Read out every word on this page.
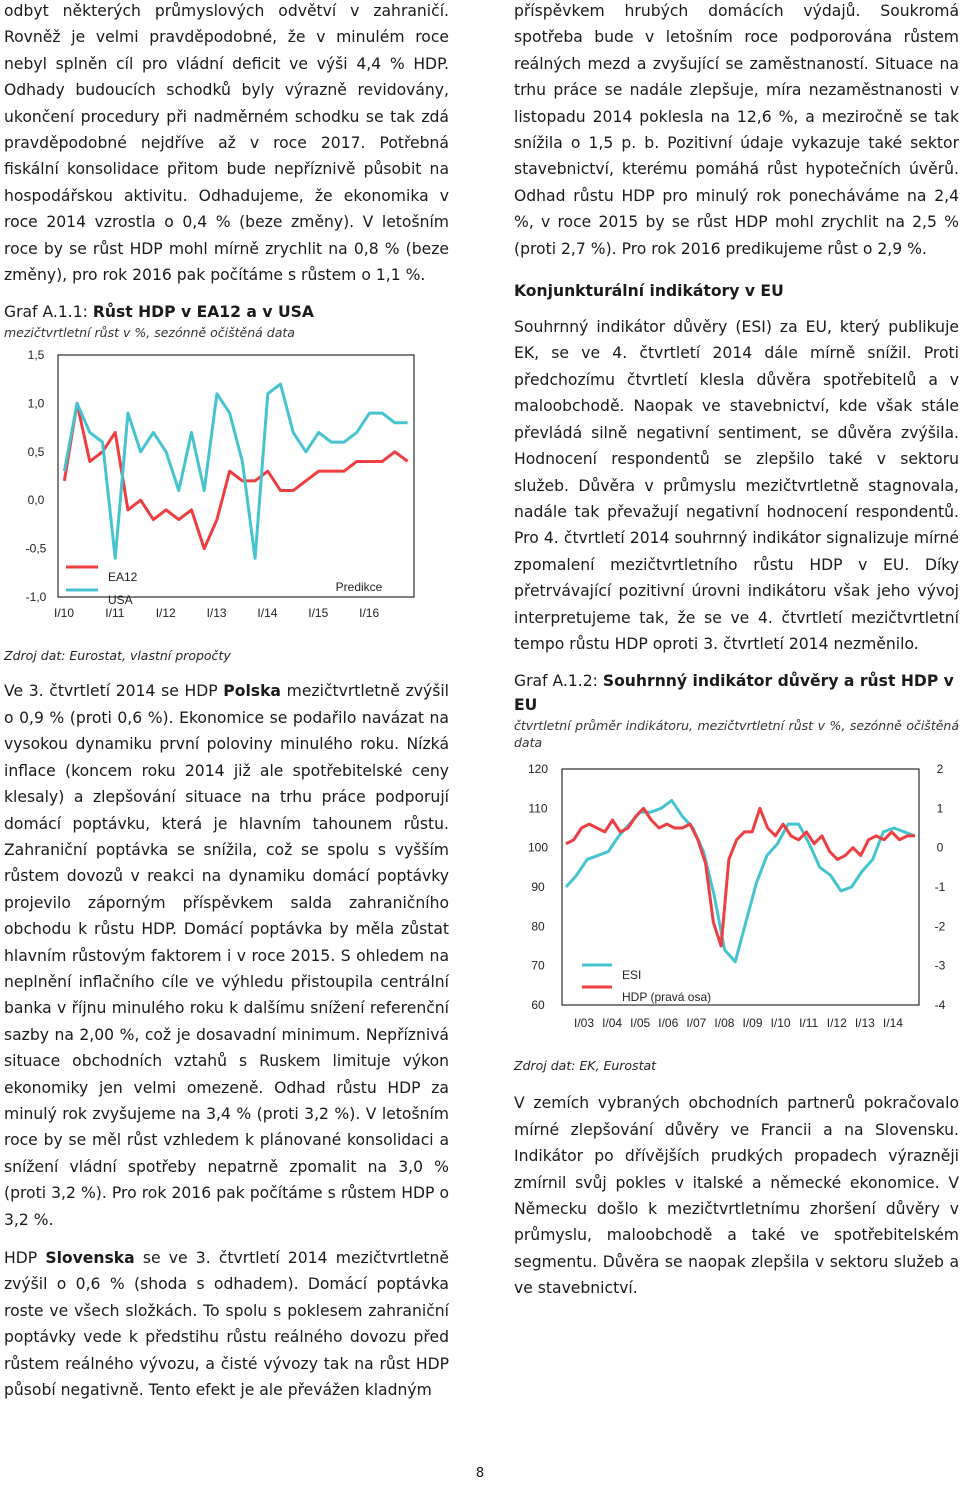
odbyt některých průmyslových odvětví v zahraničí. Rovněž je velmi pravděpodobné, že v minulém roce nebyl splněn cíl pro vládní deficit ve výši 4,4 % HDP. Odhady budoucích schodků byly výrazně revidovány, ukončení procedury při nadměrném schodku se tak zdá pravděpodobné nejdříve až v roce 2017. Potřebná fiskální konsolidace přitom bude nepříznivě působit na hospodářskou aktivitu. Odhadujeme, že ekonomika v roce 2014 vzrostla o 0,4 % (beze změny). V letošním roce by se růst HDP mohl mírně zrychlit na 0,8 % (beze změny), pro rok 2016 pak počítáme s růstem o 1,1 %.

Graf A.1.1: Růst HDP v EA12 a v USA

mezičtvrtletní růst v %, sezónně očištěná data

1,5
1,0
0,5
0,0
-0,5
-1,0
I/10	I/11	I/12	I/13	I/14	I/15	I/16
EA12
USA
Predikce

Zdroj dat: Eurostat, vlastní propočty

Ve 3. čtvrtletí 2014 se HDP Polska mezičtvrtletně zvýšil o 0,9 % (proti 0,6 %). Ekonomice se podařilo navázat na vysokou dynamiku první poloviny minulého roku. Nízká inflace (koncem roku 2014 již ale spotřebitelské ceny klesaly) a zlepšování situace na trhu práce podporují domácí poptávku, která je hlavním tahounem růstu. Zahraniční poptávka se snížila, což se spolu s vyšším růstem dovozů v reakci na dynamiku domácí poptávky projevilo záporným příspěvkem salda zahraničního obchodu k růstu HDP. Domácí poptávka by měla zůstat hlavním růstovým faktorem i v roce 2015. S ohledem na neplnění inflačního cíle ve výhledu přistoupila centrální banka v říjnu minulého roku k dalšímu snížení referenční sazby na 2,00 %, což je dosavadní minimum. Nepříznivá situace obchodních vztahů s Ruskem limituje výkon ekonomiky jen velmi omezeně. Odhad růstu HDP za minulý rok zvyšujeme na 3,4 % (proti 3,2 %). V letošním roce by se měl růst vzhledem k plánované konsolidaci a snížení vládní spotřeby nepatrně zpomalit na 3,0 % (proti 3,2 %). Pro rok 2016 pak počítáme s růstem HDP o 3,2 %.

HDP Slovenska se ve 3. čtvrtletí 2014 mezičtvrtletně zvýšil o 0,6 % (shoda s odhadem). Domácí poptávka roste ve všech složkách. To spolu s poklesem zahraniční poptávky vede k předstihu růstu reálného dovozu před růstem reálného vývozu, a čisté vývozy tak na růst HDP působí negativně. Tento efekt je ale převážen kladným

příspěvkem hrubých domácích výdajů. Soukromá spotřeba bude v letošním roce podporována růstem reálných mezd a zvyšující se zaměstnaností. Situace na trhu práce se nadále zlepšuje, míra nezaměstnanosti v listopadu 2014 poklesla na 12,6 %, a meziročně se tak snížila o 1,5 p. b. Pozitivní údaje vykazuje také sektor stavebnictví, kterému pomáhá růst hypotečních úvěrů. Odhad růstu HDP pro minulý rok ponecháváme na 2,4 %, v roce 2015 by se růst HDP mohl zrychlit na 2,5 % (proti 2,7 %). Pro rok 2016 predikujeme růst o 2,9 %.

Konjunkturální indikátory v EU

Souhrnný indikátor důvěry (ESI) za EU, který publikuje EK, se ve 4. čtvrtletí 2014 dále mírně snížil. Proti předchozímu čtvrtletí klesla důvěra spotřebitelů a v maloobchodě. Naopak ve stavebnictví, kde však stále převládá silně negativní sentiment, se důvěra zvýšila. Hodnocení respondentů se zlepšilo také v sektoru služeb. Důvěra v průmyslu mezičtvrtletně stagnovala, nadále tak převažují negativní hodnocení respondentů. Pro 4. čtvrtletí 2014 souhrnný indikátor signalizuje mírné zpomalení mezičtvrtletního růstu HDP v EU. Díky přetrvávající pozitivní úrovni indikátoru však jeho vývoj interpretujeme tak, že se ve 4. čtvrtletí mezičtvrtletní tempo růstu HDP oproti 3. čtvrtletí 2014 nezměnilo.

Graf A.1.2: Souhrnný indikátor důvěry a růst HDP v EU

čtvrtletní průměr indikátoru, mezičtvrtletní růst v %, sezónně očištěná data

120
110
100
90
80
70
60
2
1
0
-1
-2
-3
-4
I/03 I/04 I/05 I/06 I/07 I/08 I/09 I/10 I/11 I/12 I/13 I/14
ESI
HDP (pravá osa)

Zdroj dat: EK, Eurostat

V zemích vybraných obchodních partnerů pokračovalo mírné zlepšování důvěry ve Francii a na Slovensku. Indikátor po dřívějších prudkých propadech výrazněji zmírnil svůj pokles v italské a německé ekonomice. V Německu došlo k mezičtvrtletnímu zhoršení důvěry v průmyslu, maloobchodě a také ve spotřebitelském segmentu. Důvěra se naopak zlepšila v sektoru služeb a ve stavebnictví.

8
